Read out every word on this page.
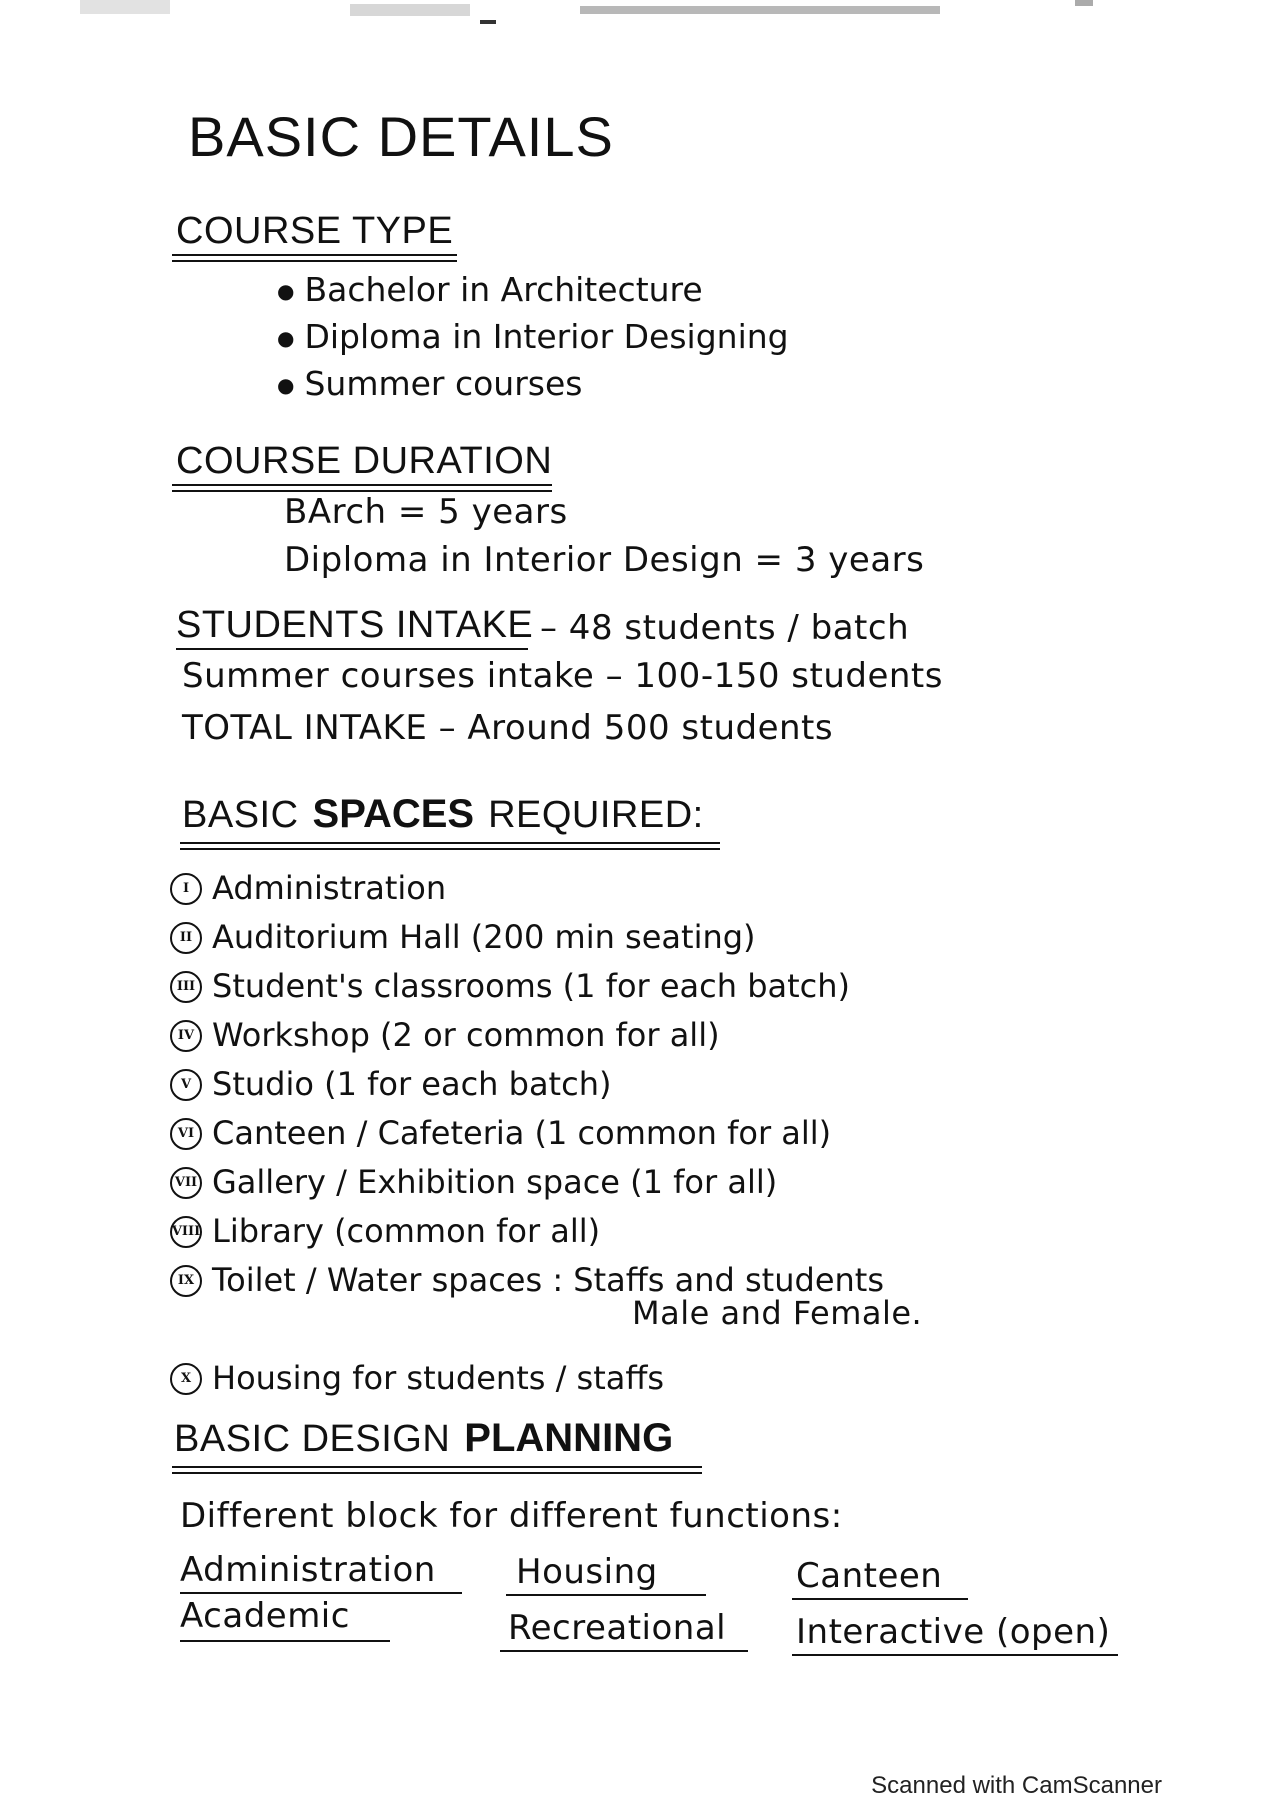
BASIC DETAILS
COURSE TYPE
● Bachelor in Architecture
● Diploma in Interior Designing
● Summer courses
COURSE DURATION
BArch = 5 years
Diploma in Interior Design = 3 years
STUDENTS INTAKE – 48 students / batch
Summer courses intake – 100-150 students
TOTAL INTAKE – Around 500 students
BASIC SPACES REQUIRED:
I Administration
II Auditorium Hall (200 min seating)
III Student's classrooms (1 for each batch)
IV Workshop (2 or common for all)
V Studio (1 for each batch)
VI Canteen / Cafeteria (1 common for all)
VII Gallery / Exhibition space (1 for all)
VIII Library (common for all)
IX Toilet / Water spaces : Staffs and students
X Housing for students / staffs
Male and Female.
BASIC DESIGN PLANNING
Different block for different functions:
Administration Housing	Canteen
Academic	Recreational Interactive (open)
Scanned with CamScanner
